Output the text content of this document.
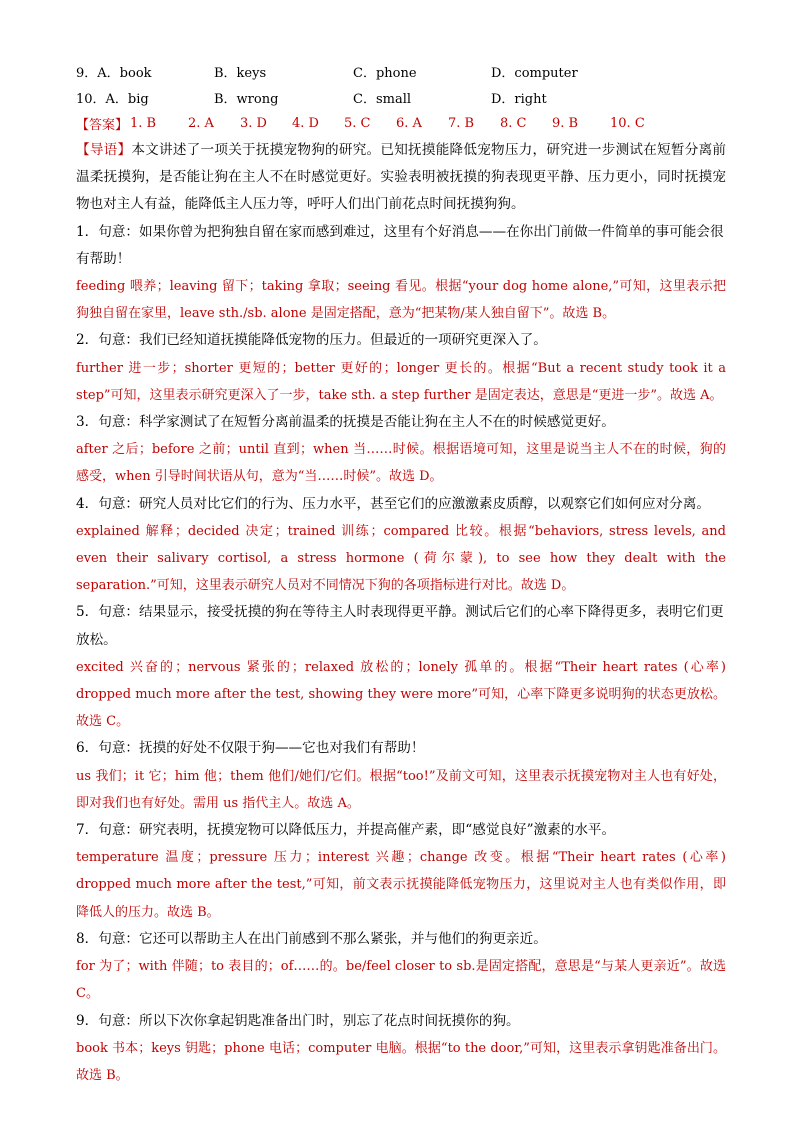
9．A．book	B．keys	C．phone	D．computer
10．A．big	B．wrong	C．small	D．right
【答案】 1. B	2. A	3. D	4. D	5. C	6. A	7. B	8. C	9. B	10. C
【导语】本文讲述了一项关于抚摸宠物狗的研究。已知抚摸能降低宠物压力，研究进一步测试在短暂分离前温柔抚摸狗，是否能让狗在主人不在时感觉更好。实验表明被抚摸的狗表现更平静、压力更小，同时抚摸宠物也对主人有益，能降低主人压力等，呼吁人们出门前花点时间抚摸狗狗。
1．句意：如果你曾为把狗独自留在家而感到难过，这里有个好消息——在你出门前做一件简单的事可能会很有帮助！
feeding 喂养；leaving 留下；taking 拿取；seeing 看见。根据“your dog home alone,”可知，这里表示把狗独自留在家里，leave sth./sb. alone 是固定搭配，意为“把某物/某人独自留下”。故选 B。
2．句意：我们已经知道抚摸能降低宠物的压力。但最近的一项研究更深入了。
further 进一步；shorter 更短的；better 更好的；longer 更长的。根据“But a recent study took it a step”可知，这里表示研究更深入了一步，take sth. a step further 是固定表达，意思是“更进一步”。故选 A。
3．句意：科学家测试了在短暂分离前温柔的抚摸是否能让狗在主人不在的时候感觉更好。
after 之后；before 之前；until 直到；when 当……时候。根据语境可知，这里是说当主人不在的时候，狗的感受，when 引导时间状语从句，意为“当……时候”。故选 D。
4．句意：研究人员对比它们的行为、压力水平，甚至它们的应激激素皮质醇，以观察它们如何应对分离。
explained 解释；decided 决定；trained 训练；compared 比较。根据“behaviors, stress levels, and even their salivary cortisol, a stress hormone (荷尔蒙), to see how they dealt with the separation.”可知，这里表示研究人员对不同情况下狗的各项指标进行对比。故选 D。
5．句意：结果显示，接受抚摸的狗在等待主人时表现得更平静。测试后它们的心率下降得更多，表明它们更放松。
excited 兴奋的；nervous 紧张的；relaxed 放松的；lonely 孤单的。根据“Their heart rates (心率) dropped much more after the test, showing they were more”可知，心率下降更多说明狗的状态更放松。故选 C。
6．句意：抚摸的好处不仅限于狗——它也对我们有帮助！
us 我们；it 它；him 他；them 他们/她们/它们。根据“too!”及前文可知，这里表示抚摸宠物对主人也有好处，即对我们也有好处。需用 us 指代主人。故选 A。
7．句意：研究表明，抚摸宠物可以降低压力，并提高催产素，即“感觉良好”激素的水平。
temperature 温度；pressure 压力；interest 兴趣；change 改变。根据“Their heart rates (心率) dropped much more after the test,”可知，前文表示抚摸能降低宠物压力，这里说对主人也有类似作用，即降低人的压力。故选 B。
8．句意：它还可以帮助主人在出门前感到不那么紧张，并与他们的狗更亲近。
for 为了；with 伴随；to 表目的；of……的。be/feel closer to sb.是固定搭配，意思是“与某人更亲近”。故选 C。
9．句意：所以下次你拿起钥匙准备出门时，别忘了花点时间抚摸你的狗。
book 书本；keys 钥匙；phone 电话；computer 电脑。根据“to the door,”可知，这里表示拿钥匙准备出门。故选 B。
